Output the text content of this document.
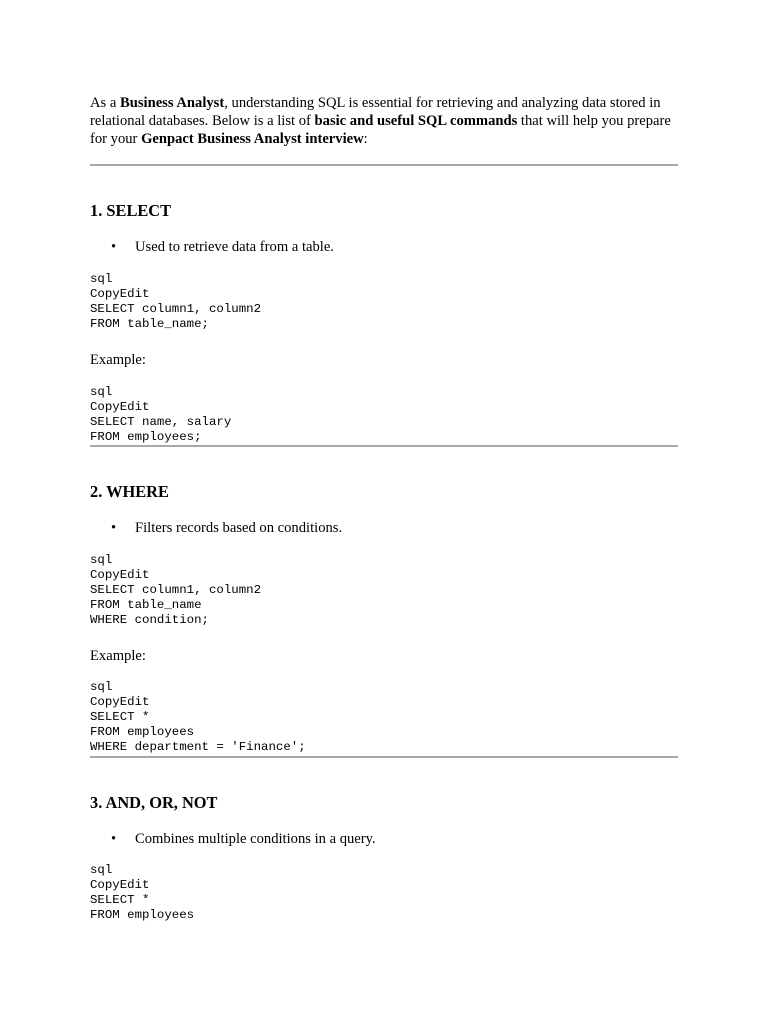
As a Business Analyst, understanding SQL is essential for retrieving and analyzing data stored in relational databases. Below is a list of basic and useful SQL commands that will help you prepare for your Genpact Business Analyst interview:

1. SELECT

• Used to retrieve data from a table.

sql
CopyEdit
SELECT column1, column2
FROM table_name;

Example:

sql
CopyEdit
SELECT name, salary
FROM employees;
2. WHERE

• Filters records based on conditions.

sql
CopyEdit
SELECT column1, column2
FROM table_name
WHERE condition;

Example:

sql
CopyEdit
SELECT *
FROM employees
WHERE department = 'Finance';
3. AND, OR, NOT

• Combines multiple conditions in a query.

sql
CopyEdit
SELECT *
FROM employees
